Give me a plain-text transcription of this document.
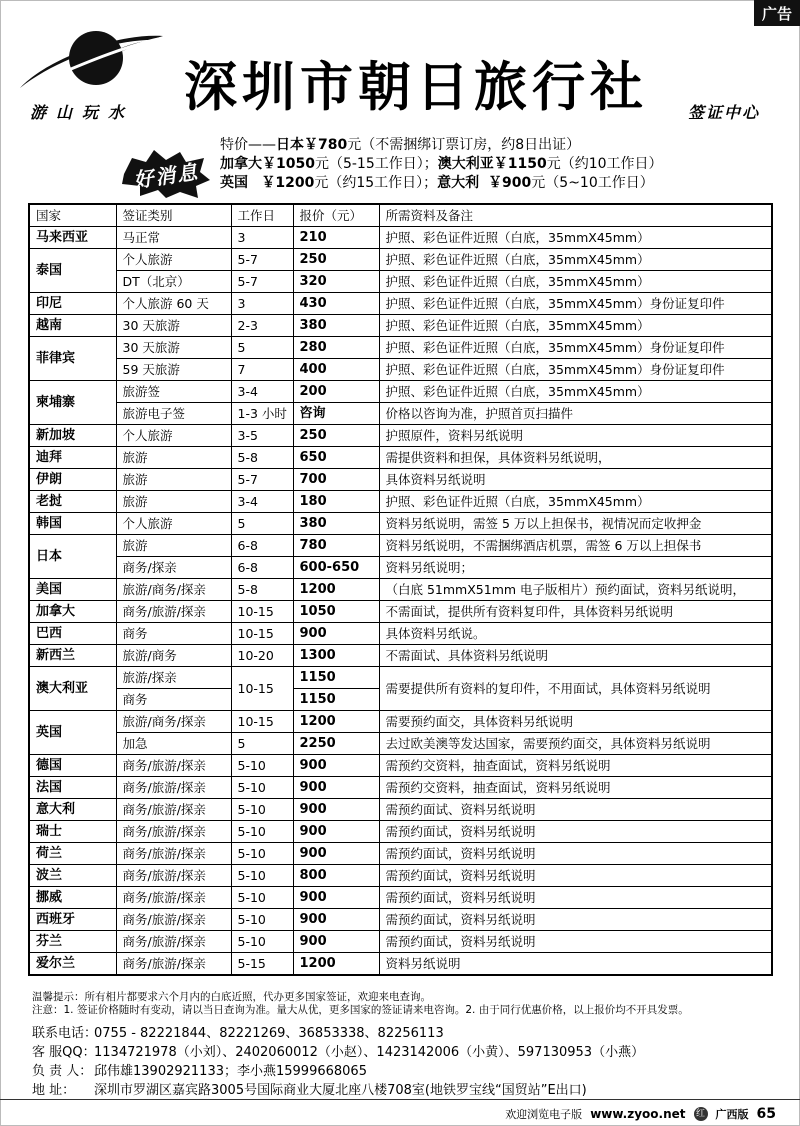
广告
游山玩水 深圳市朝日旅行社	签证中心
好消息
特价——日本￥780元（不需捆绑订票订房，约8日出证）
加拿大￥1050元（5-15工作日）；澳大利亚￥1150元（约10工作日）
英国 ￥1200元（约15工作日）；意大利 ￥900元（5~10工作日）
国家	签证类别	工作日	报价（元）	所需资料及备注
马来西亚	马正常	3	210	护照、彩色证件近照（白底，35mmX45mm）
泰国	个人旅游	5-7	250	护照、彩色证件近照（白底，35mmX45mm）
	DT（北京）	5-7	320	护照、彩色证件近照（白底，35mmX45mm）
印尼	个人旅游 60 天	3	430	护照、彩色证件近照（白底，35mmX45mm）身份证复印件
越南	30 天旅游	2-3	380	护照、彩色证件近照（白底，35mmX45mm）
菲律宾	30 天旅游	5	280	护照、彩色证件近照（白底，35mmX45mm）身份证复印件
	59 天旅游	7	400	护照、彩色证件近照（白底，35mmX45mm）身份证复印件
柬埔寨	旅游签	3-4	200	护照、彩色证件近照（白底，35mmX45mm）
	旅游电子签	1-3 小时	咨询	价格以咨询为准，护照首页扫描件
新加坡	个人旅游	3-5	250	护照原件，资料另纸说明
迪拜	旅游	5-8	650	需提供资料和担保，具体资料另纸说明，
伊朗	旅游	5-7	700	具体资料另纸说明
老挝	旅游	3-4	180	护照、彩色证件近照（白底，35mmX45mm）
韩国	个人旅游	5	380	资料另纸说明，需签 5 万以上担保书，视情况而定收押金
日本	旅游	6-8	780	资料另纸说明，不需捆绑酒店机票，需签 6 万以上担保书
	商务/探亲	6-8	600-650	资料另纸说明；
美国	旅游/商务/探亲	5-8	1200	（白底 51mmX51mm 电子版相片）预约面试，资料另纸说明，
加拿大	商务/旅游/探亲	10-15	1050	不需面试，提供所有资料复印件，具体资料另纸说明
巴西	商务	10-15	900	具体资料另纸说。
新西兰	旅游/商务	10-20	1300	不需面试、具体资料另纸说明
澳大利亚	旅游/探亲	10-15	1150	需要提供所有资料的复印件，不用面试，具体资料另纸说明
	商务		1150	
英国	旅游/商务/探亲	10-15	1200	需要预约面交，具体资料另纸说明
	加急	5	2250	去过欧美澳等发达国家，需要预约面交，具体资料另纸说明
德国	商务/旅游/探亲	5-10	900	需预约交资料，抽查面试，资料另纸说明
法国	商务/旅游/探亲	5-10	900	需预约交资料，抽查面试，资料另纸说明
意大利	商务/旅游/探亲	5-10	900	需预约面试、资料另纸说明
瑞士	商务/旅游/探亲	5-10	900	需预约面试，资料另纸说明
荷兰	商务/旅游/探亲	5-10	900	需预约面试，资料另纸说明
波兰	商务/旅游/探亲	5-10	800	需预约面试，资料另纸说明
挪威	商务/旅游/探亲	5-10	900	需预约面试，资料另纸说明
西班牙	商务/旅游/探亲	5-10	900	需预约面试，资料另纸说明
芬兰	商务/旅游/探亲	5-10	900	需预约面试，资料另纸说明
爱尔兰	商务/旅游/探亲	5-15	1200	资料另纸说明
温馨提示：所有相片都要求六个月内的白底近照，代办更多国家签证，欢迎来电查询。
注意：1. 签证价格随时有变动，请以当日查询为准。量大从优，更多国家的签证请来电咨询。2. 由于同行优惠价格，以上报价均不开具发票。
联系电话：0755 - 82221844、82221269、36853338、82256113
客 服QQ：1134721978（小刘）、2402060012（小赵）、1423142006（小黄）、597130953（小燕）
负 责 人： 邱伟雄13902921133；李小燕15999668065
地 址： 深圳市罗湖区嘉宾路3005号国际商业大厦北座八楼708室(地铁罗宝线“国贸站”E出口)
欢迎浏览电子版 www.zyoo.net 红 广西版 65
